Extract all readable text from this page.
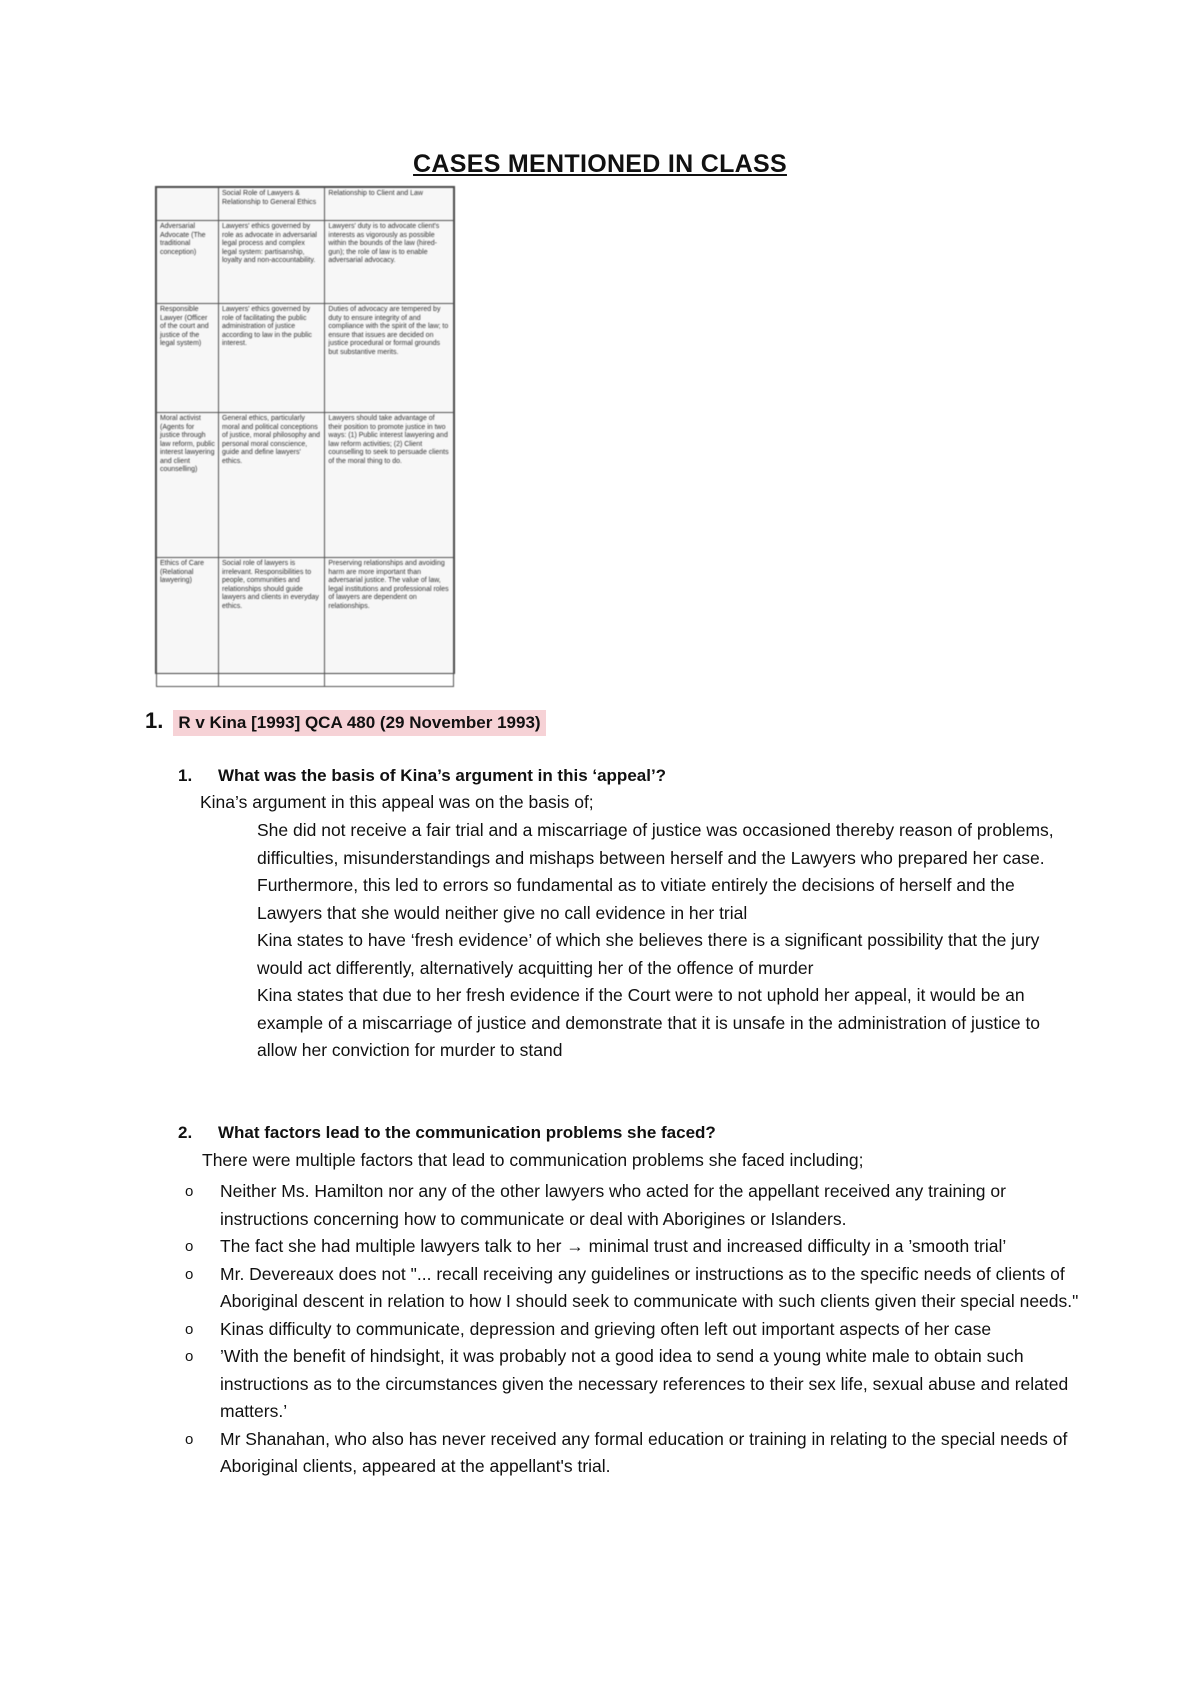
CASES MENTIONED IN CLASS
	Social Role of Lawyers & Relationship to General Ethics	Relationship to Client and Law
Adversarial Advocate (The traditional conception)	Lawyers' ethics governed by role as advocate in adversarial legal process and complex legal system: partisanship, loyalty and non-accountability.	Lawyers' duty is to advocate client's interests as vigorously as possible within the bounds of the law (hired-gun); the role of law is to enable adversarial advocacy.
Responsible Lawyer (Officer of the court and justice of the legal system)	Lawyers' ethics governed by role of facilitating the public administration of justice according to law in the public interest.	Duties of advocacy are tempered by duty to ensure integrity of and compliance with the spirit of the law; to ensure that issues are decided on justice procedural or formal grounds but substantive merits.
Moral activist (Agents for justice through law reform, public interest lawyering and client counselling)	General ethics, particularly moral and political conceptions of justice, moral philosophy and personal moral conscience, guide and define lawyers' ethics.	Lawyers should take advantage of their position to promote justice in two ways: (1) Public interest lawyering and law reform activities; (2) Client counselling to seek to persuade clients of the moral thing to do.
Ethics of Care (Relational lawyering)	Social role of lawyers is irrelevant. Responsibilities to people, communities and relationships should guide lawyers and clients in everyday ethics.	Preserving relationships and avoiding harm are more important than adversarial justice. The value of law, legal institutions and professional roles of lawyers are dependent on relationships.
1. R v Kina [1993] QCA 480 (29 November 1993)
1. What was the basis of Kina’s argument in this ‘appeal’?
Kina’s argument in this appeal was on the basis of;

She did not receive a fair trial and a miscarriage of justice was occasioned thereby reason of problems, difficulties, misunderstandings and mishaps between herself and the Lawyers who prepared her case. Furthermore, this led to errors so fundamental as to vitiate entirely the decisions of herself and the Lawyers that she would neither give no call evidence in her trial

Kina states to have ‘fresh evidence’ of which she believes there is a significant possibility that the jury would act differently, alternatively acquitting her of the offence of murder

Kina states that due to her fresh evidence if the Court were to not uphold her appeal, it would be an example of a miscarriage of justice and demonstrate that it is unsafe in the administration of justice to allow her conviction for murder to stand

2. What factors lead to the communication problems she faced?
There were multiple factors that lead to communication problems she faced including;
o Neither Ms. Hamilton nor any of the other lawyers who acted for the appellant received any training or instructions concerning how to communicate or deal with Aborigines or Islanders.
o The fact she had multiple lawyers talk to her → minimal trust and increased difficulty in a ’smooth trial’
o Mr. Devereaux does not "... recall receiving any guidelines or instructions as to the specific needs of clients of Aboriginal descent in relation to how I should seek to communicate with such clients given their special needs."
o Kinas difficulty to communicate, depression and grieving often left out important aspects of her case
o ’With the benefit of hindsight, it was probably not a good idea to send a young white male to obtain such instructions as to the circumstances given the necessary references to their sex life, sexual abuse and related matters.’
o Mr Shanahan, who also has never received any formal education or training in relating to the special needs of Aboriginal clients, appeared at the appellant's trial.
